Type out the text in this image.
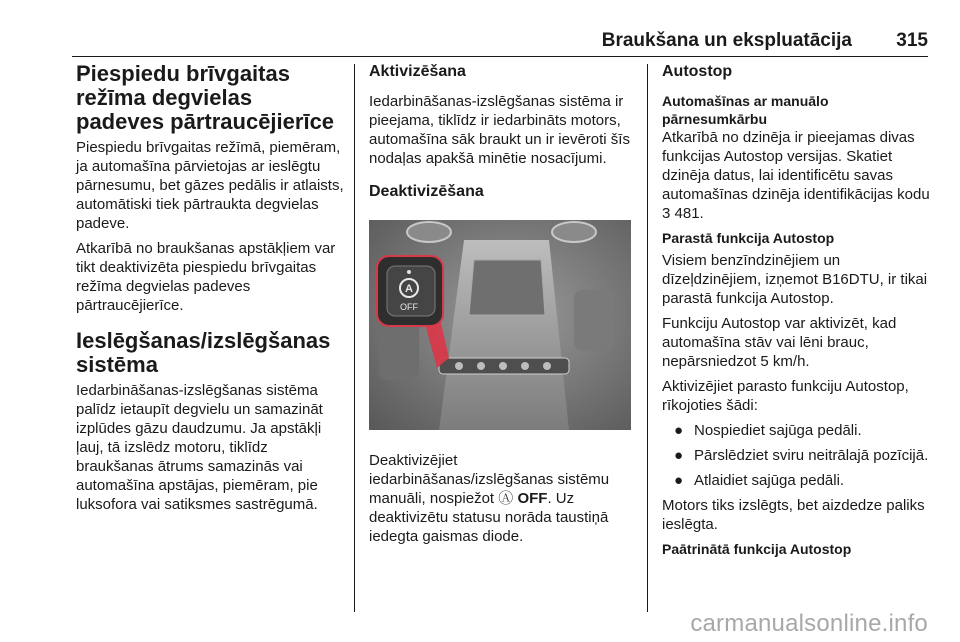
Braukšana un ekspluatācija 315
Piespiedu brīvgaitas režīma degvielas padeves pārtraucējierīce

Piespiedu brīvgaitas režīmā, piemēram, ja automašīna pārvietojas ar ieslēgtu pārnesumu, bet gāzes pedālis ir atlaists, automātiski tiek pārtraukta degvielas padeve.

Atkarībā no braukšanas apstākļiem var tikt deaktivizēta piespiedu brīvgaitas režīma degvielas padeves pārtraucējierīce.

Ieslēgšanas/izslēgšanas sistēma

Iedarbināšanas-izslēgšanas sistēma palīdz ietaupīt degvielu un samazināt izplūdes gāzu daudzumu. Ja apstākļi ļauj, tā izslēdz motoru, tiklīdz braukšanas ātrums samazinās vai automašīna apstājas, piemēram, pie luksofora vai satiksmes sastrēgumā.

Aktivizēšana

Iedarbināšanas-izslēgšanas sistēma ir pieejama, tiklīdz ir iedarbināts motors, automašīna sāk braukt un ir ievēroti šīs nodaļas apakšā minētie nosacījumi.

Deaktivizēšana
A
OFF

Deaktivizējiet iedarbināšanas/izslēgšanas sistēmu manuāli, nospiežot Ⓐ OFF. Uz deaktivizētu statusu norāda taustiņā iedegta gaismas diode.

Autostop
Automašīnas ar manuālo pārnesumkārbu

Atkarībā no dzinēja ir pieejamas divas funkcijas Autostop versijas. Skatiet dzinēja datus, lai identificētu savas automašīnas dzinēja identifikācijas kodu 3 481.

Parastā funkcija Autostop

Visiem benzīndzinējiem un dīzeļdzinējiem, izņemot B16DTU, ir tikai parastā funkcija Autostop.

Funkciju Autostop var aktivizēt, kad automašīna stāv vai lēni brauc, nepārsniedzot 5 km/h.

Aktivizējiet parasto funkciju Autostop, rīkojoties šādi:

● Nospiediet sajūga pedāli.
● Pārslēdziet sviru neitrālajā pozīcijā.
● Atlaidiet sajūga pedāli.

Motors tiks izslēgts, bet aizdedze paliks ieslēgta.

Paātrinātā funkcija Autostop
carmanualsonline.info
